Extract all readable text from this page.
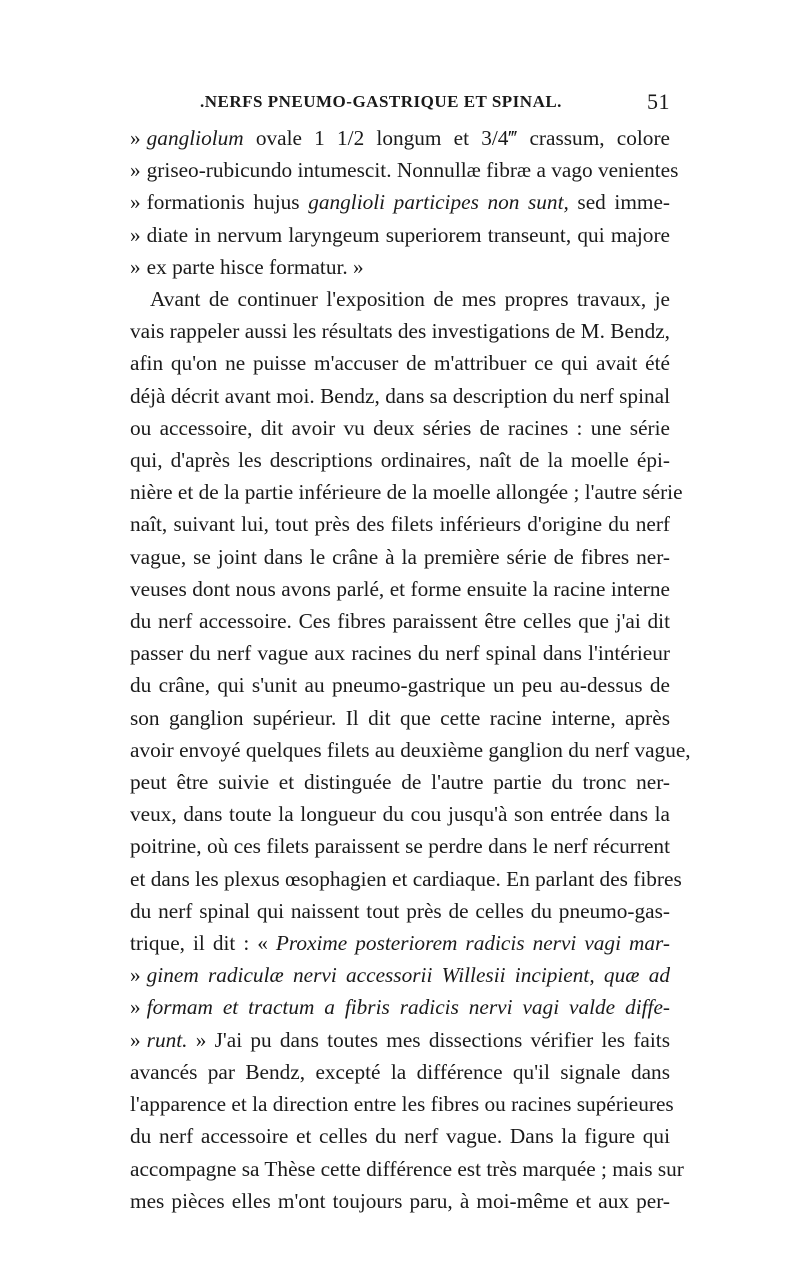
.NERFS PNEUMO-GASTRIQUE ET SPINAL.	51
» gangliolum ovale 1 1/2 longum et 3/4‴ crassum, colore
» griseo-rubicundo intumescit. Nonnullæ fibræ a vago venientes
» formationis hujus ganglioli participes non sunt, sed imme-
» diate in nervum laryngeum superiorem transeunt, qui majore
» ex parte hisce formatur. »
Avant de continuer l'exposition de mes propres travaux, je
vais rappeler aussi les résultats des investigations de M. Bendz,
afin qu'on ne puisse m'accuser de m'attribuer ce qui avait été
déjà décrit avant moi. Bendz, dans sa description du nerf spinal
ou accessoire, dit avoir vu deux séries de racines : une série
qui, d'après les descriptions ordinaires, naît de la moelle épi-
nière et de la partie inférieure de la moelle allongée ; l'autre série
naît, suivant lui, tout près des filets inférieurs d'origine du nerf
vague, se joint dans le crâne à la première série de fibres ner-
veuses dont nous avons parlé, et forme ensuite la racine interne
du nerf accessoire. Ces fibres paraissent être celles que j'ai dit
passer du nerf vague aux racines du nerf spinal dans l'intérieur
du crâne, qui s'unit au pneumo-gastrique un peu au-dessus de
son ganglion supérieur. Il dit que cette racine interne, après
avoir envoyé quelques filets au deuxième ganglion du nerf vague,
peut être suivie et distinguée de l'autre partie du tronc ner-
veux, dans toute la longueur du cou jusqu'à son entrée dans la
poitrine, où ces filets paraissent se perdre dans le nerf récurrent
et dans les plexus œsophagien et cardiaque. En parlant des fibres
du nerf spinal qui naissent tout près de celles du pneumo-gas-
trique, il dit : « Proxime posteriorem radicis nervi vagi mar-
» ginem radiculæ nervi accessorii Willesii incipient, quæ ad
» formam et tractum a fibris radicis nervi vagi valde diffe-
» runt. » J'ai pu dans toutes mes dissections vérifier les faits
avancés par Bendz, excepté la différence qu'il signale dans
l'apparence et la direction entre les fibres ou racines supérieures
du nerf accessoire et celles du nerf vague. Dans la figure qui
accompagne sa Thèse cette différence est très marquée ; mais sur
mes pièces elles m'ont toujours paru, à moi-même et aux per-
